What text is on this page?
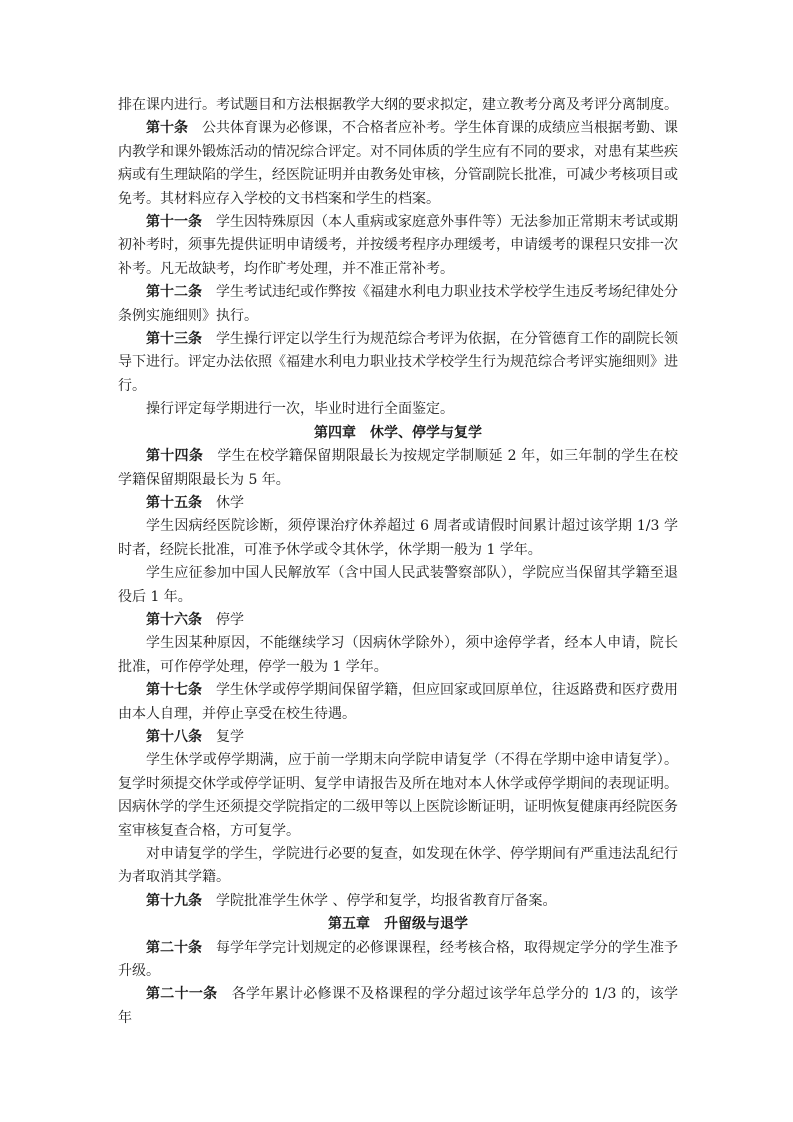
排在课内进行。考试题目和方法根据教学大纲的要求拟定，建立教考分离及考评分离制度。

第十条 公共体育课为必修课，不合格者应补考。学生体育课的成绩应当根据考勤、课内教学和课外锻炼活动的情况综合评定。对不同体质的学生应有不同的要求，对患有某些疾病或有生理缺陷的学生，经医院证明并由教务处审核，分管副院长批准，可减少考核项目或免考。其材料应存入学校的文书档案和学生的档案。

第十一条 学生因特殊原因（本人重病或家庭意外事件等）无法参加正常期末考试或期初补考时，须事先提供证明申请缓考，并按缓考程序办理缓考，申请缓考的课程只安排一次补考。凡无故缺考，均作旷考处理，并不准正常补考。

第十二条 学生考试违纪或作弊按《福建水利电力职业技术学校学生违反考场纪律处分条例实施细则》执行。

第十三条 学生操行评定以学生行为规范综合考评为依据，在分管德育工作的副院长领导下进行。评定办法依照《福建水利电力职业技术学校学生行为规范综合考评实施细则》进行。

操行评定每学期进行一次，毕业时进行全面鉴定。

第四章 休学、停学与复学

第十四条 学生在校学籍保留期限最长为按规定学制顺延 2 年，如三年制的学生在校学籍保留期限最长为 5 年。

第十五条 休学

学生因病经医院诊断，须停课治疗休养超过 6 周者或请假时间累计超过该学期 1/3 学时者，经院长批准，可准予休学或令其休学，休学期一般为 1 学年。

学生应征参加中国人民解放军（含中国人民武装警察部队），学院应当保留其学籍至退役后 1 年。

第十六条 停学

学生因某种原因，不能继续学习（因病休学除外），须中途停学者，经本人申请，院长批准，可作停学处理，停学一般为 1 学年。

第十七条 学生休学或停学期间保留学籍，但应回家或回原单位，往返路费和医疗费用由本人自理，并停止享受在校生待遇。

第十八条 复学

学生休学或停学期满，应于前一学期末向学院申请复学（不得在学期中途申请复学）。复学时须提交休学或停学证明、复学申请报告及所在地对本人休学或停学期间的表现证明。因病休学的学生还须提交学院指定的二级甲等以上医院诊断证明，证明恢复健康再经院医务室审核复查合格，方可复学。

对申请复学的学生，学院进行必要的复查，如发现在休学、停学期间有严重违法乱纪行为者取消其学籍。

第十九条 学院批准学生休学 、停学和复学，均报省教育厅备案。

第五章 升留级与退学

第二十条 每学年学完计划规定的必修课课程，经考核合格，取得规定学分的学生准予升级。

第二十一条 各学年累计必修课不及格课程的学分超过该学年总学分的 1/3 的，该学年
